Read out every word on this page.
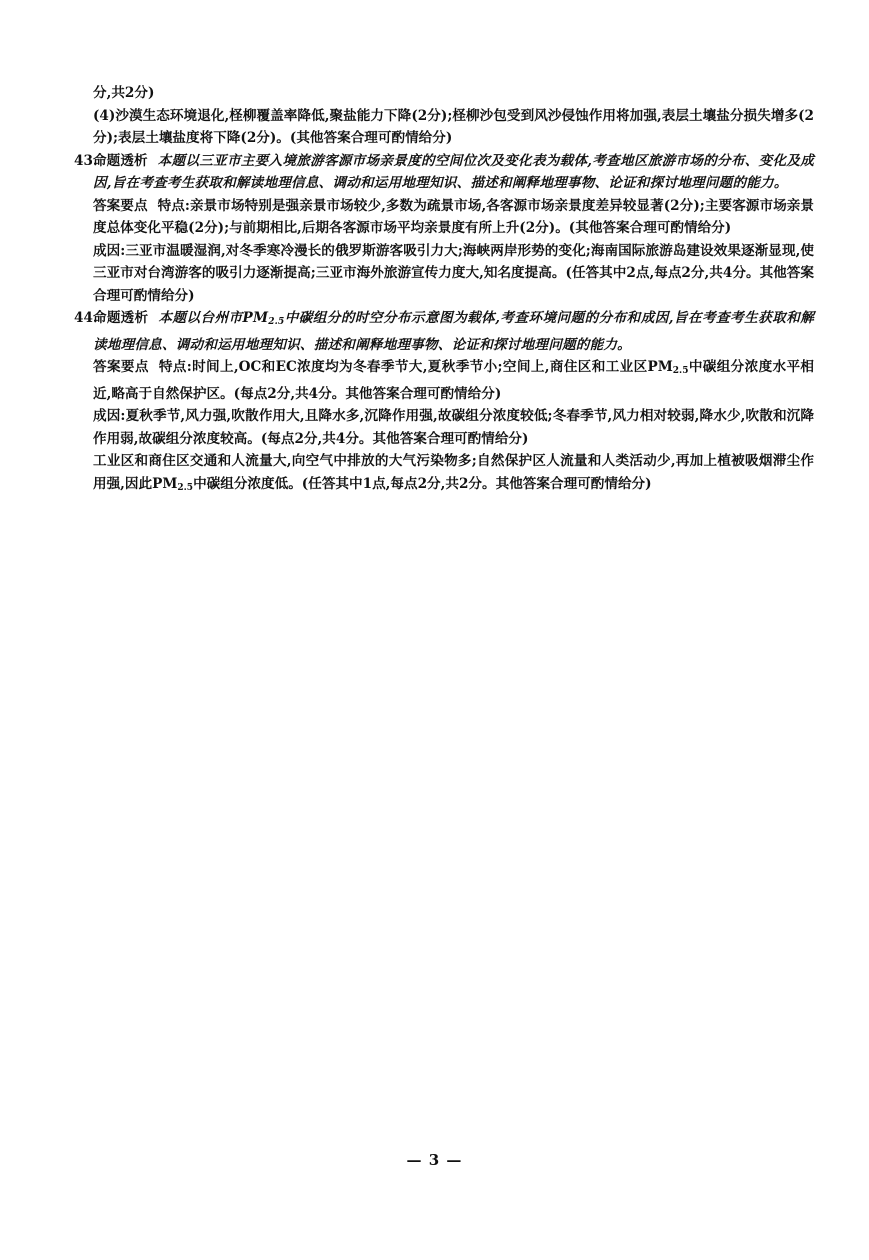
分,共2分)

(4)沙漠生态环境退化,柽柳覆盖率降低,聚盐能力下降(2分);柽柳沙包受到风沙侵蚀作用将加强,表层土壤盐分损失增多(2分);表层土壤盐度将下降(2分)。(其他答案合理可酌情给分)

43.

命题透析 本题以三亚市主要入境旅游客源市场亲景度的空间位次及变化表为载体,考查地区旅游市场的分布、变化及成因,旨在考查考生获取和解读地理信息、调动和运用地理知识、描述和阐释地理事物、论证和探讨地理问题的能力。

答案要点 特点:亲景市场特别是强亲景市场较少,多数为疏景市场,各客源市场亲景度差异较显著(2分);主要客源市场亲景度总体变化平稳(2分);与前期相比,后期各客源市场平均亲景度有所上升(2分)。(其他答案合理可酌情给分)

成因:三亚市温暖湿润,对冬季寒冷漫长的俄罗斯游客吸引力大;海峡两岸形势的变化;海南国际旅游岛建设效果逐渐显现,使三亚市对台湾游客的吸引力逐渐提高;三亚市海外旅游宣传力度大,知名度提高。(任答其中2点,每点2分,共4分。其他答案合理可酌情给分)

44.

命题透析 本题以台州市$PM_{2.5}$中碳组分的时空分布示意图为载体,考查环境问题的分布和成因,旨在考查考生获取和解读地理信息、调动和运用地理知识、描述和阐释地理事物、论证和探讨地理问题的能力。

答案要点 特点:时间上,OC和EC浓度均为冬春季节大,夏秋季节小;空间上,商住区和工业区$PM_{2.5}$中碳组分浓度水平相近,略高于自然保护区。(每点2分,共4分。其他答案合理可酌情给分)

成因:夏秋季节,风力强,吹散作用大,且降水多,沉降作用强,故碳组分浓度较低;冬春季节,风力相对较弱,降水少,吹散和沉降作用弱,故碳组分浓度较高。(每点2分,共4分。其他答案合理可酌情给分)

工业区和商住区交通和人流量大,向空气中排放的大气污染物多;自然保护区人流量和人类活动少,再加上植被吸烟滞尘作用强,因此$PM_{2.5}$中碳组分浓度低。(任答其中1点,每点2分,共2分。其他答案合理可酌情给分)

— 3 —
